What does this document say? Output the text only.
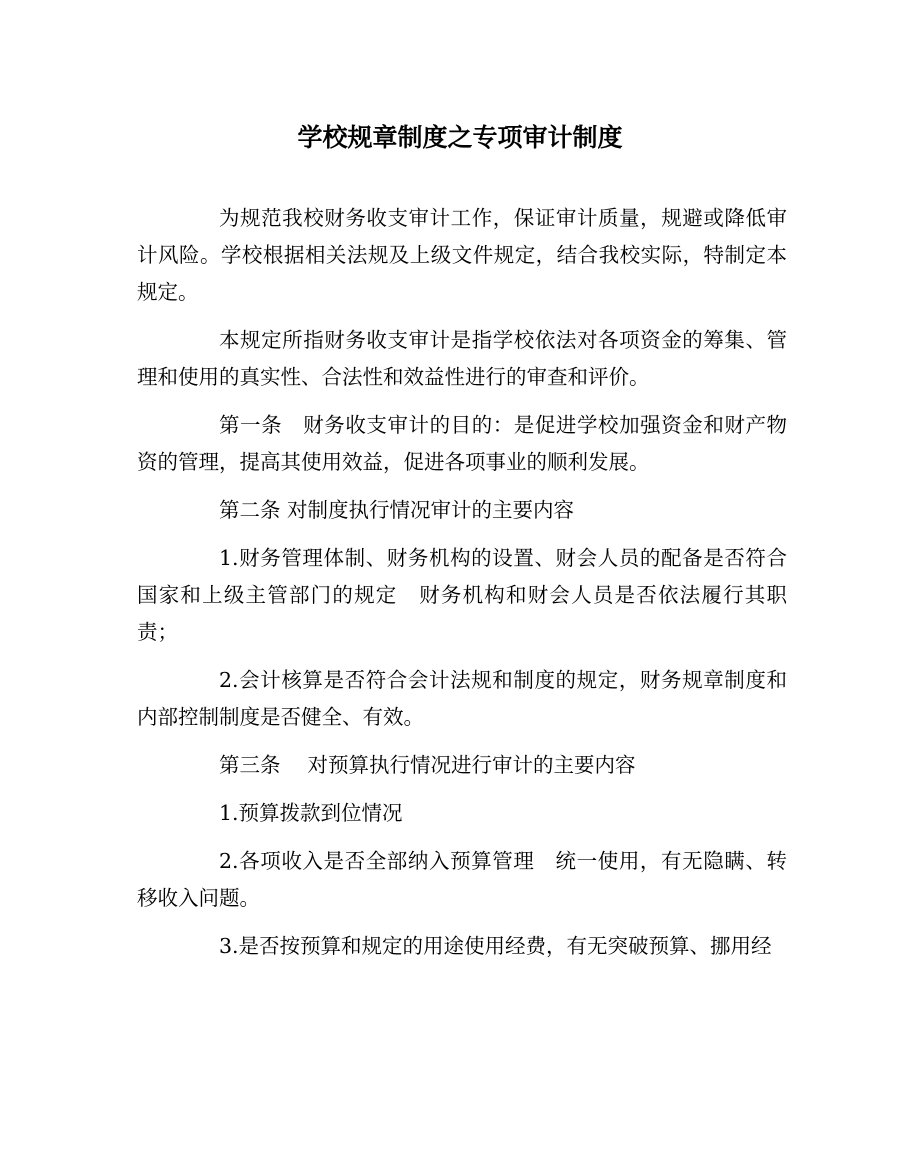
学校规章制度之专项审计制度

为规范我校财务收支审计工作，保证审计质量，规避或降低审计风险。学校根据相关法规及上级文件规定，结合我校实际，特制定本规定。

本规定所指财务收支审计是指学校依法对各项资金的筹集、管理和使用的真实性、合法性和效益性进行的审查和评价。

第一条　财务收支审计的目的：是促进学校加强资金和财产物资的管理，提高其使用效益，促进各项事业的顺利发展。

第二条 对制度执行情况审计的主要内容

1.财务管理体制、财务机构的设置、财会人员的配备是否符合国家和上级主管部门的规定　财务机构和财会人员是否依法履行其职责；

2.会计核算是否符合会计法规和制度的规定，财务规章制度和内部控制制度是否健全、有效。

第三条　 对预算执行情况进行审计的主要内容

1.预算拨款到位情况

2.各项收入是否全部纳入预算管理　统一使用，有无隐瞒、转移收入问题。

3.是否按预算和规定的用途使用经费，有无突破预算、挪用经
